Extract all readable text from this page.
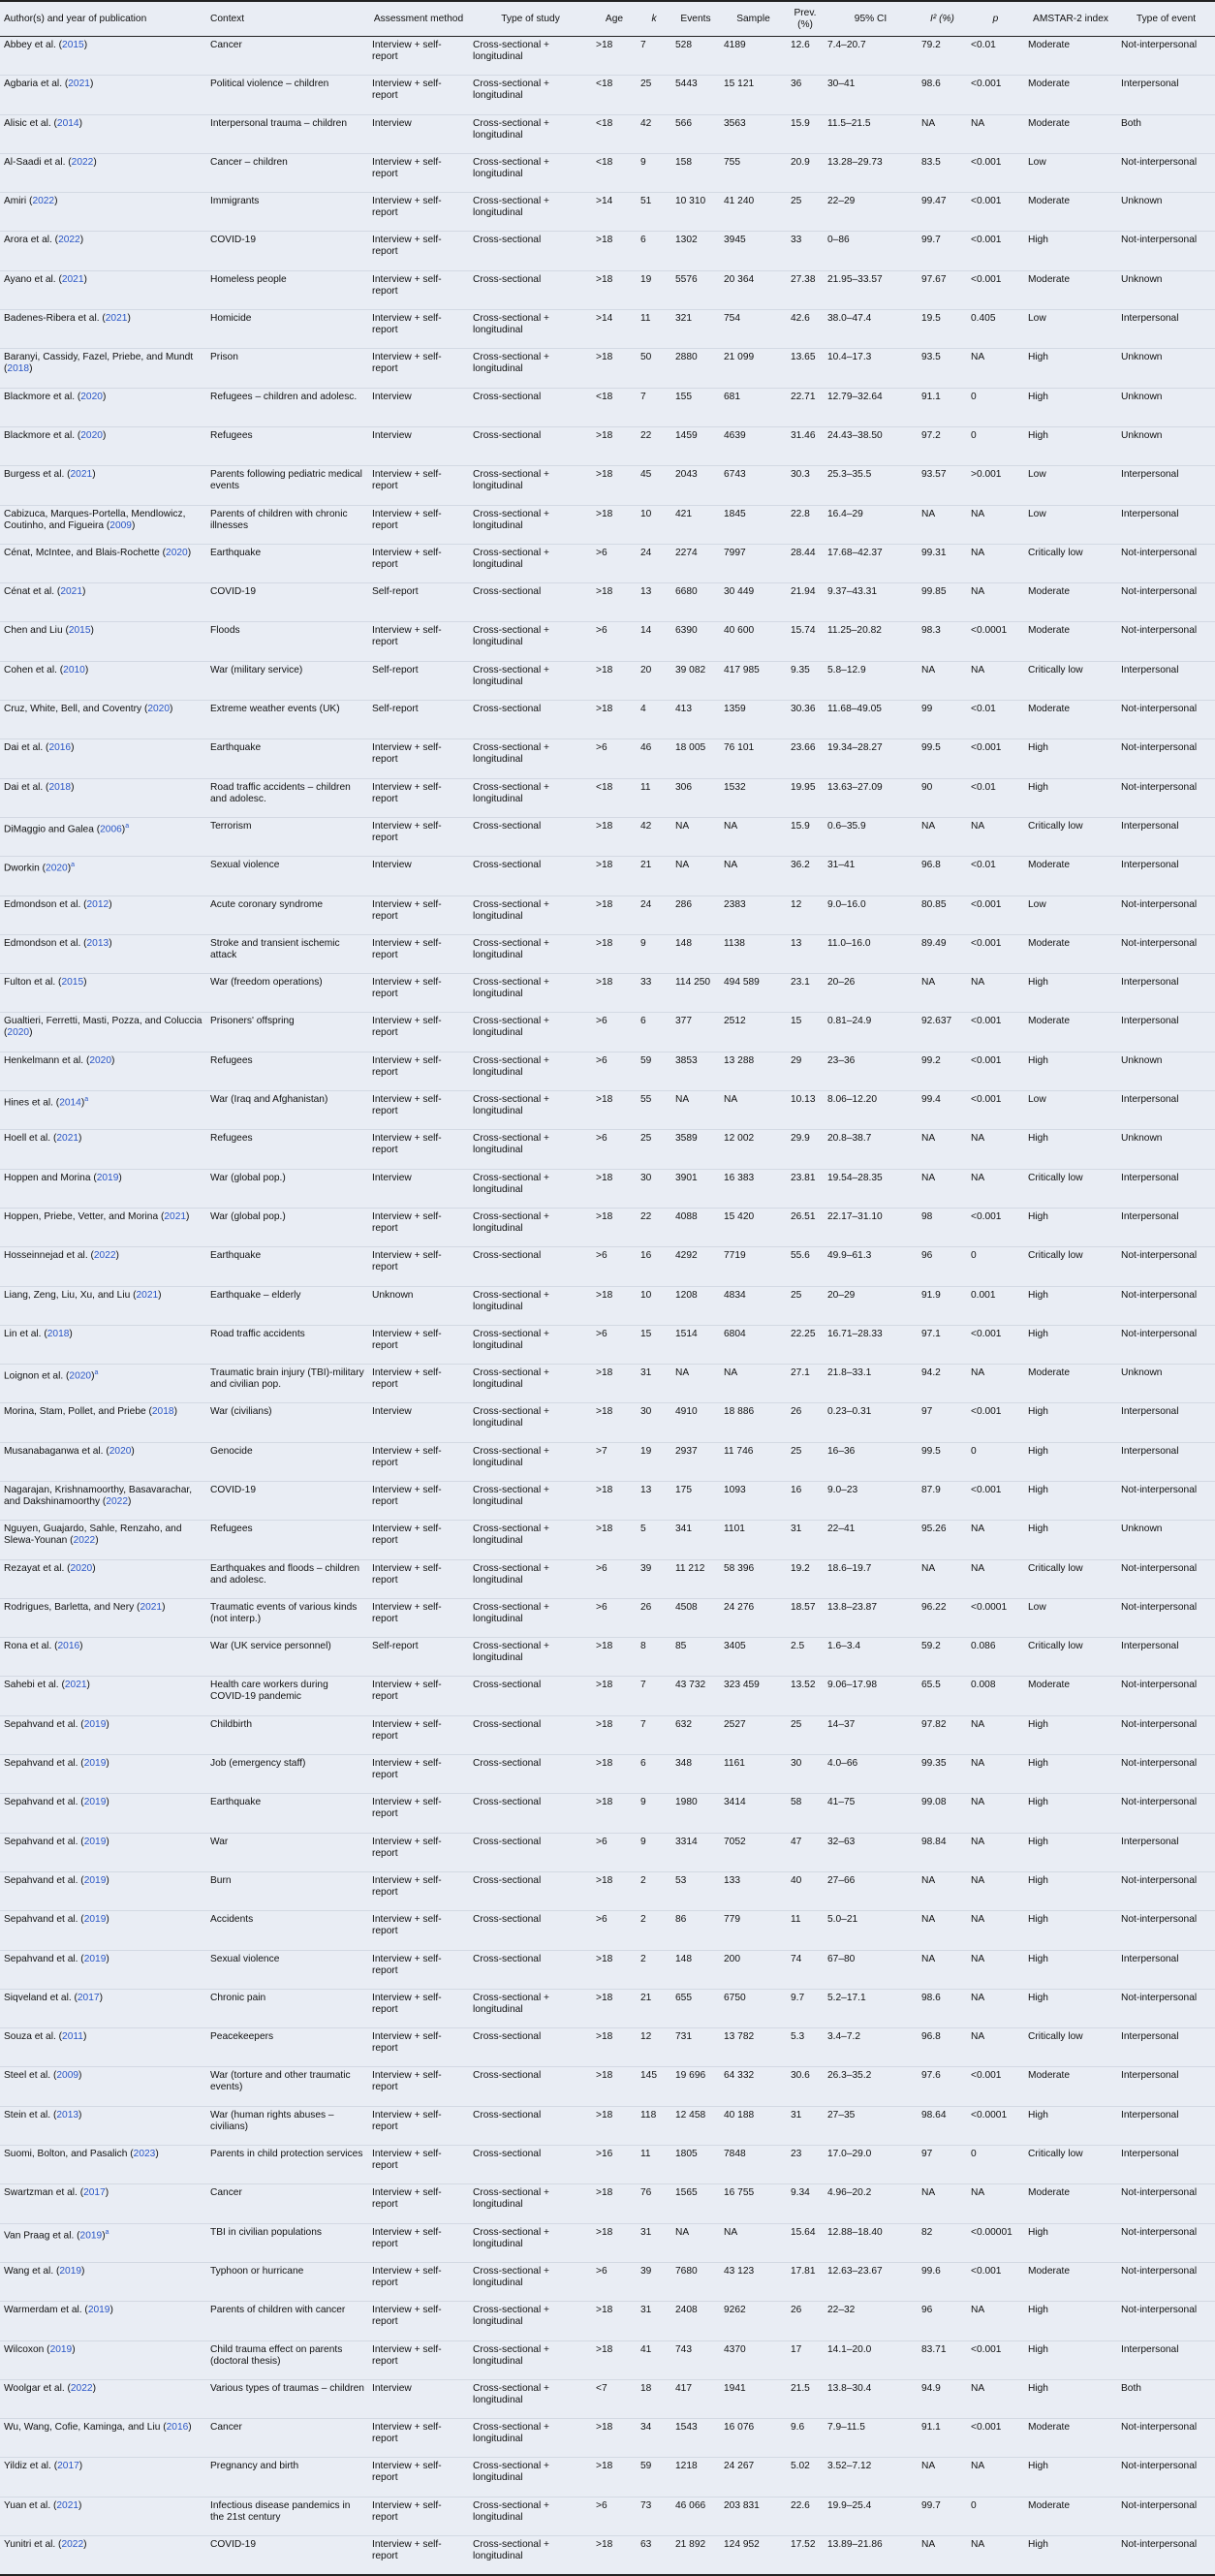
Author(s) and year of publication	Context	Assessment method	Type of study	Age	k	Events	Sample	Prev. (%)	95% CI	I² (%)	p	AMSTAR-2 index	Type of event
Abbey et al. (2015)	Cancer	Interview + self-report	Cross-sectional + longitudinal	>18	7	528	4189	12.6	7.4–20.7	79.2	<0.01	Moderate	Not-interpersonal
Agbaria et al. (2021)	Political violence – children	Interview + self-report	Cross-sectional + longitudinal	<18	25	5443	15 121	36	30–41	98.6	<0.001	Moderate	Interpersonal
Alisic et al. (2014)	Interpersonal trauma – children	Interview	Cross-sectional + longitudinal	<18	42	566	3563	15.9	11.5–21.5	NA	NA	Moderate	Both
Al-Saadi et al. (2022)	Cancer – children	Interview + self-report	Cross-sectional + longitudinal	<18	9	158	755	20.9	13.28–29.73	83.5	<0.001	Low	Not-interpersonal
Amiri (2022)	Immigrants	Interview + self-report	Cross-sectional + longitudinal	>14	51	10 310	41 240	25	22–29	99.47	<0.001	Moderate	Unknown
Arora et al. (2022)	COVID-19	Interview + self-report	Cross-sectional	>18	6	1302	3945	33	0–86	99.7	<0.001	High	Not-interpersonal
Ayano et al. (2021)	Homeless people	Interview + self-report	Cross-sectional	>18	19	5576	20 364	27.38	21.95–33.57	97.67	<0.001	Moderate	Unknown
Badenes-Ribera et al. (2021)	Homicide	Interview + self-report	Cross-sectional + longitudinal	>14	11	321	754	42.6	38.0–47.4	19.5	0.405	Low	Interpersonal
Baranyi, Cassidy, Fazel, Priebe, and Mundt (2018)	Prison	Interview + self-report	Cross-sectional + longitudinal	>18	50	2880	21 099	13.65	10.4–17.3	93.5	NA	High	Unknown
Blackmore et al. (2020)	Refugees – children and adolesc.	Interview	Cross-sectional	<18	7	155	681	22.71	12.79–32.64	91.1	0	High	Unknown
Blackmore et al. (2020)	Refugees	Interview	Cross-sectional	>18	22	1459	4639	31.46	24.43–38.50	97.2	0	High	Unknown
Burgess et al. (2021)	Parents following pediatric medical events	Interview + self-report	Cross-sectional + longitudinal	>18	45	2043	6743	30.3	25.3–35.5	93.57	>0.001	Low	Interpersonal
Cabizuca, Marques-Portella, Mendlowicz, Coutinho, and Figueira (2009)	Parents of children with chronic illnesses	Interview + self-report	Cross-sectional + longitudinal	>18	10	421	1845	22.8	16.4–29	NA	NA	Low	Interpersonal
Cénat, McIntee, and Blais-Rochette (2020)	Earthquake	Interview + self-report	Cross-sectional + longitudinal	>6	24	2274	7997	28.44	17.68–42.37	99.31	NA	Critically low	Not-interpersonal
Cénat et al. (2021)	COVID-19	Self-report	Cross-sectional	>18	13	6680	30 449	21.94	9.37–43.31	99.85	NA	Moderate	Not-interpersonal
Chen and Liu (2015)	Floods	Interview + self-report	Cross-sectional + longitudinal	>6	14	6390	40 600	15.74	11.25–20.82	98.3	<0.0001	Moderate	Not-interpersonal
Cohen et al. (2010)	War (military service)	Self-report	Cross-sectional + longitudinal	>18	20	39 082	417 985	9.35	5.8–12.9	NA	NA	Critically low	Interpersonal
Cruz, White, Bell, and Coventry (2020)	Extreme weather events (UK)	Self-report	Cross-sectional	>18	4	413	1359	30.36	11.68–49.05	99	<0.01	Moderate	Not-interpersonal
Dai et al. (2016)	Earthquake	Interview + self-report	Cross-sectional + longitudinal	>6	46	18 005	76 101	23.66	19.34–28.27	99.5	<0.001	High	Not-interpersonal
Dai et al. (2018)	Road traffic accidents – children and adolesc.	Interview + self-report	Cross-sectional + longitudinal	<18	11	306	1532	19.95	13.63–27.09	90	<0.01	High	Not-interpersonal
DiMaggio and Galea $(2006)^a$	Terrorism	Interview + self-report	Cross-sectional	>18	42	NA	NA	15.9	0.6–35.9	NA	NA	Critically low	Interpersonal
Dworkin $(2020)^a$	Sexual violence	Interview	Cross-sectional	>18	21	NA	NA	36.2	31–41	96.8	<0.01	Moderate	Interpersonal
Edmondson et al. (2012)	Acute coronary syndrome	Interview + self-report	Cross-sectional + longitudinal	>18	24	286	2383	12	9.0–16.0	80.85	<0.001	Low	Not-interpersonal
Edmondson et al. (2013)	Stroke and transient ischemic attack	Interview + self-report	Cross-sectional + longitudinal	>18	9	148	1138	13	11.0–16.0	89.49	<0.001	Moderate	Not-interpersonal
Fulton et al. (2015)	War (freedom operations)	Interview + self-report	Cross-sectional + longitudinal	>18	33	114 250	494 589	23.1	20–26	NA	NA	High	Interpersonal
Gualtieri, Ferretti, Masti, Pozza, and Coluccia (2020)	Prisoners' offspring	Interview + self-report	Cross-sectional + longitudinal	>6	6	377	2512	15	0.81–24.9	92.637	<0.001	Moderate	Interpersonal
Henkelmann et al. (2020)	Refugees	Interview + self-report	Cross-sectional + longitudinal	>6	59	3853	13 288	29	23–36	99.2	<0.001	High	Unknown
Hines et al. $(2014)^a$	War (Iraq and Afghanistan)	Interview + self-report	Cross-sectional + longitudinal	>18	55	NA	NA	10.13	8.06–12.20	99.4	<0.001	Low	Interpersonal
Hoell et al. (2021)	Refugees	Interview + self-report	Cross-sectional + longitudinal	>6	25	3589	12 002	29.9	20.8–38.7	NA	NA	High	Unknown
Hoppen and Morina (2019)	War (global pop.)	Interview	Cross-sectional + longitudinal	>18	30	3901	16 383	23.81	19.54–28.35	NA	NA	Critically low	Interpersonal
Hoppen, Priebe, Vetter, and Morina (2021)	War (global pop.)	Interview + self-report	Cross-sectional + longitudinal	>18	22	4088	15 420	26.51	22.17–31.10	98	<0.001	High	Interpersonal
Hosseinnejad et al. (2022)	Earthquake	Interview + self-report	Cross-sectional	>6	16	4292	7719	55.6	49.9–61.3	96	0	Critically low	Not-interpersonal
Liang, Zeng, Liu, Xu, and Liu (2021)	Earthquake – elderly	Unknown	Cross-sectional + longitudinal	>18	10	1208	4834	25	20–29	91.9	0.001	High	Not-interpersonal
Lin et al. (2018)	Road traffic accidents	Interview + self-report	Cross-sectional + longitudinal	>6	15	1514	6804	22.25	16.71–28.33	97.1	<0.001	High	Not-interpersonal
Loignon et al. $(2020)^a$	Traumatic brain injury (TBI)-military and civilian pop.	Interview + self-report	Cross-sectional + longitudinal	>18	31	NA	NA	27.1	21.8–33.1	94.2	NA	Moderate	Unknown
Morina, Stam, Pollet, and Priebe (2018)	War (civilians)	Interview	Cross-sectional + longitudinal	>18	30	4910	18 886	26	0.23–0.31	97	<0.001	High	Interpersonal
Musanabaganwa et al. (2020)	Genocide	Interview + self-report	Cross-sectional + longitudinal	>7	19	2937	11 746	25	16–36	99.5	0	High	Interpersonal
Nagarajan, Krishnamoorthy, Basavarachar, and Dakshinamoorthy (2022)	COVID-19	Interview + self-report	Cross-sectional + longitudinal	>18	13	175	1093	16	9.0–23	87.9	<0.001	High	Not-interpersonal
Nguyen, Guajardo, Sahle, Renzaho, and Slewa-Younan (2022)	Refugees	Interview + self-report	Cross-sectional + longitudinal	>18	5	341	1101	31	22–41	95.26	NA	High	Unknown
Rezayat et al. (2020)	Earthquakes and floods – children and adolesc.	Interview + self-report	Cross-sectional + longitudinal	>6	39	11 212	58 396	19.2	18.6–19.7	NA	NA	Critically low	Not-interpersonal
Rodrigues, Barletta, and Nery (2021)	Traumatic events of various kinds (not interp.)	Interview + self-report	Cross-sectional + longitudinal	>6	26	4508	24 276	18.57	13.8–23.87	96.22	<0.0001	Low	Not-interpersonal
Rona et al. (2016)	War (UK service personnel)	Self-report	Cross-sectional + longitudinal	>18	8	85	3405	2.5	1.6–3.4	59.2	0.086	Critically low	Interpersonal
Sahebi et al. (2021)	Health care workers during COVID-19 pandemic	Interview + self-report	Cross-sectional	>18	7	43 732	323 459	13.52	9.06–17.98	65.5	0.008	Moderate	Not-interpersonal
Sepahvand et al. (2019)	Childbirth	Interview + self-report	Cross-sectional	>18	7	632	2527	25	14–37	97.82	NA	High	Not-interpersonal
Sepahvand et al. (2019)	Job (emergency staff)	Interview + self-report	Cross-sectional	>18	6	348	1161	30	4.0–66	99.35	NA	High	Not-interpersonal
Sepahvand et al. (2019)	Earthquake	Interview + self-report	Cross-sectional	>18	9	1980	3414	58	41–75	99.08	NA	High	Not-interpersonal
Sepahvand et al. (2019)	War	Interview + self-report	Cross-sectional	>6	9	3314	7052	47	32–63	98.84	NA	High	Interpersonal
Sepahvand et al. (2019)	Burn	Interview + self-report	Cross-sectional	>18	2	53	133	40	27–66	NA	NA	High	Not-interpersonal
Sepahvand et al. (2019)	Accidents	Interview + self-report	Cross-sectional	>6	2	86	779	11	5.0–21	NA	NA	High	Not-interpersonal
Sepahvand et al. (2019)	Sexual violence	Interview + self-report	Cross-sectional	>18	2	148	200	74	67–80	NA	NA	High	Interpersonal
Siqveland et al. (2017)	Chronic pain	Interview + self-report	Cross-sectional + longitudinal	>18	21	655	6750	9.7	5.2–17.1	98.6	NA	High	Not-interpersonal
Souza et al. (2011)	Peacekeepers	Interview + self-report	Cross-sectional	>18	12	731	13 782	5.3	3.4–7.2	96.8	NA	Critically low	Interpersonal
Steel et al. (2009)	War (torture and other traumatic events)	Interview + self-report	Cross-sectional	>18	145	19 696	64 332	30.6	26.3–35.2	97.6	<0.001	Moderate	Interpersonal
Stein et al. (2013)	War (human rights abuses – civilians)	Interview + self-report	Cross-sectional	>18	118	12 458	40 188	31	27–35	98.64	<0.0001	High	Interpersonal
Suomi, Bolton, and Pasalich (2023)	Parents in child protection services	Interview + self-report	Cross-sectional	>16	11	1805	7848	23	17.0–29.0	97	0	Critically low	Interpersonal
Swartzman et al. (2017)	Cancer	Interview + self-report	Cross-sectional + longitudinal	>18	76	1565	16 755	9.34	4.96–20.2	NA	NA	Moderate	Not-interpersonal
Van Praag et al. $(2019)^a$	TBI in civilian populations	Interview + self-report	Cross-sectional + longitudinal	>18	31	NA	NA	15.64	12.88–18.40	82	<0.00001	High	Not-interpersonal
Wang et al. (2019)	Typhoon or hurricane	Interview + self-report	Cross-sectional + longitudinal	>6	39	7680	43 123	17.81	12.63–23.67	99.6	<0.001	Moderate	Not-interpersonal
Warmerdam et al. (2019)	Parents of children with cancer	Interview + self-report	Cross-sectional + longitudinal	>18	31	2408	9262	26	22–32	96	NA	High	Not-interpersonal
Wilcoxon (2019)	Child trauma effect on parents (doctoral thesis)	Interview + self-report	Cross-sectional + longitudinal	>18	41	743	4370	17	14.1–20.0	83.71	<0.001	High	Interpersonal
Woolgar et al. (2022)	Various types of traumas – children	Interview	Cross-sectional + longitudinal	<7	18	417	1941	21.5	13.8–30.4	94.9	NA	High	Both
Wu, Wang, Cofie, Kaminga, and Liu (2016)	Cancer	Interview + self-report	Cross-sectional + longitudinal	>18	34	1543	16 076	9.6	7.9–11.5	91.1	<0.001	Moderate	Not-interpersonal
Yildiz et al. (2017)	Pregnancy and birth	Interview + self-report	Cross-sectional + longitudinal	>18	59	1218	24 267	5.02	3.52–7.12	NA	NA	High	Not-interpersonal
Yuan et al. (2021)	Infectious disease pandemics in the 21st century	Interview + self-report	Cross-sectional + longitudinal	>6	73	46 066	203 831	22.6	19.9–25.4	99.7	0	Moderate	Not-interpersonal
Yunitri et al. (2022)	COVID-19	Interview + self-report	Cross-sectional + longitudinal	>18	63	21 892	124 952	17.52	13.89–21.86	NA	NA	High	Not-interpersonal
